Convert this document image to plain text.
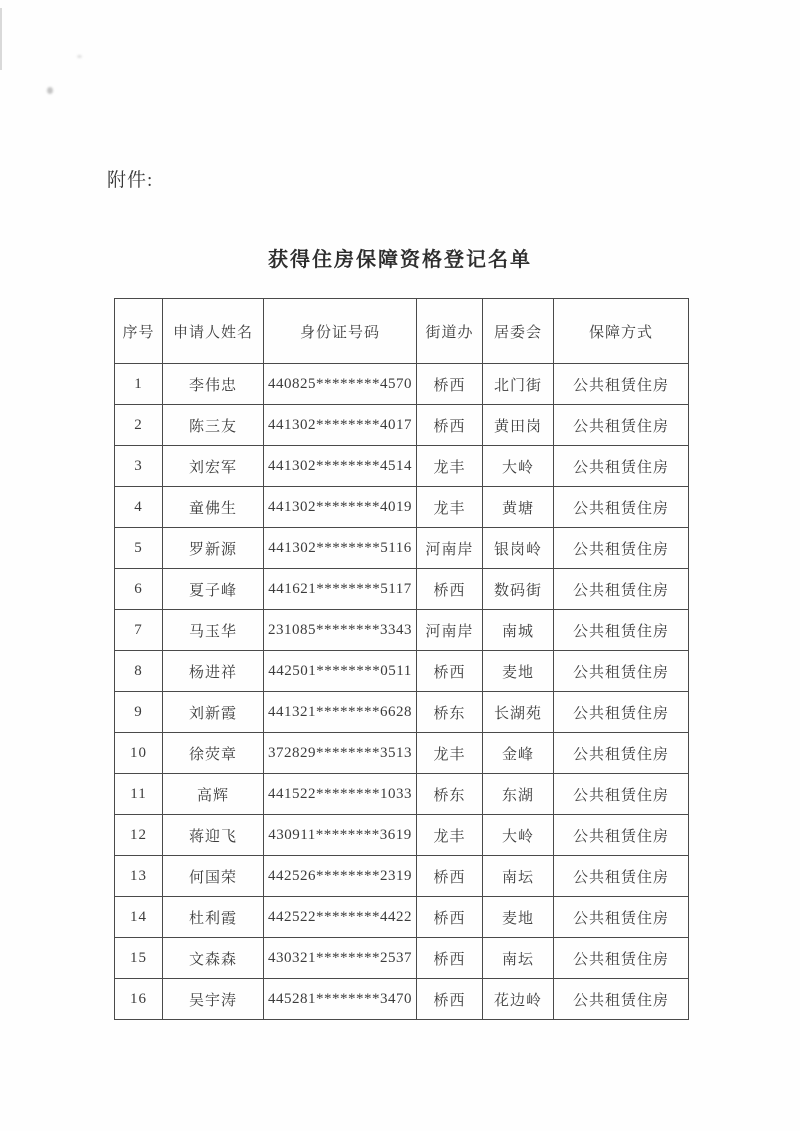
附件:
获得住房保障资格登记名单
序号	申请人姓名	身份证号码	街道办	居委会	保障方式
1	李伟忠	440825********4570	桥西	北门街	公共租赁住房
2	陈三友	441302********4017	桥西	黄田岗	公共租赁住房
3	刘宏军	441302********4514	龙丰	大岭	公共租赁住房
4	童佛生	441302********4019	龙丰	黄塘	公共租赁住房
5	罗新源	441302********5116	河南岸	银岗岭	公共租赁住房
6	夏子峰	441621********5117	桥西	数码街	公共租赁住房
7	马玉华	231085********3343	河南岸	南城	公共租赁住房
8	杨进祥	442501********0511	桥西	麦地	公共租赁住房
9	刘新霞	441321********6628	桥东	长湖苑	公共租赁住房
10	徐荧章	372829********3513	龙丰	金峰	公共租赁住房
11	高辉	441522********1033	桥东	东湖	公共租赁住房
12	蒋迎飞	430911********3619	龙丰	大岭	公共租赁住房
13	何国荣	442526********2319	桥西	南坛	公共租赁住房
14	杜利霞	442522********4422	桥西	麦地	公共租赁住房
15	文森森	430321********2537	桥西	南坛	公共租赁住房
16	吴宇涛	445281********3470	桥西	花边岭	公共租赁住房
